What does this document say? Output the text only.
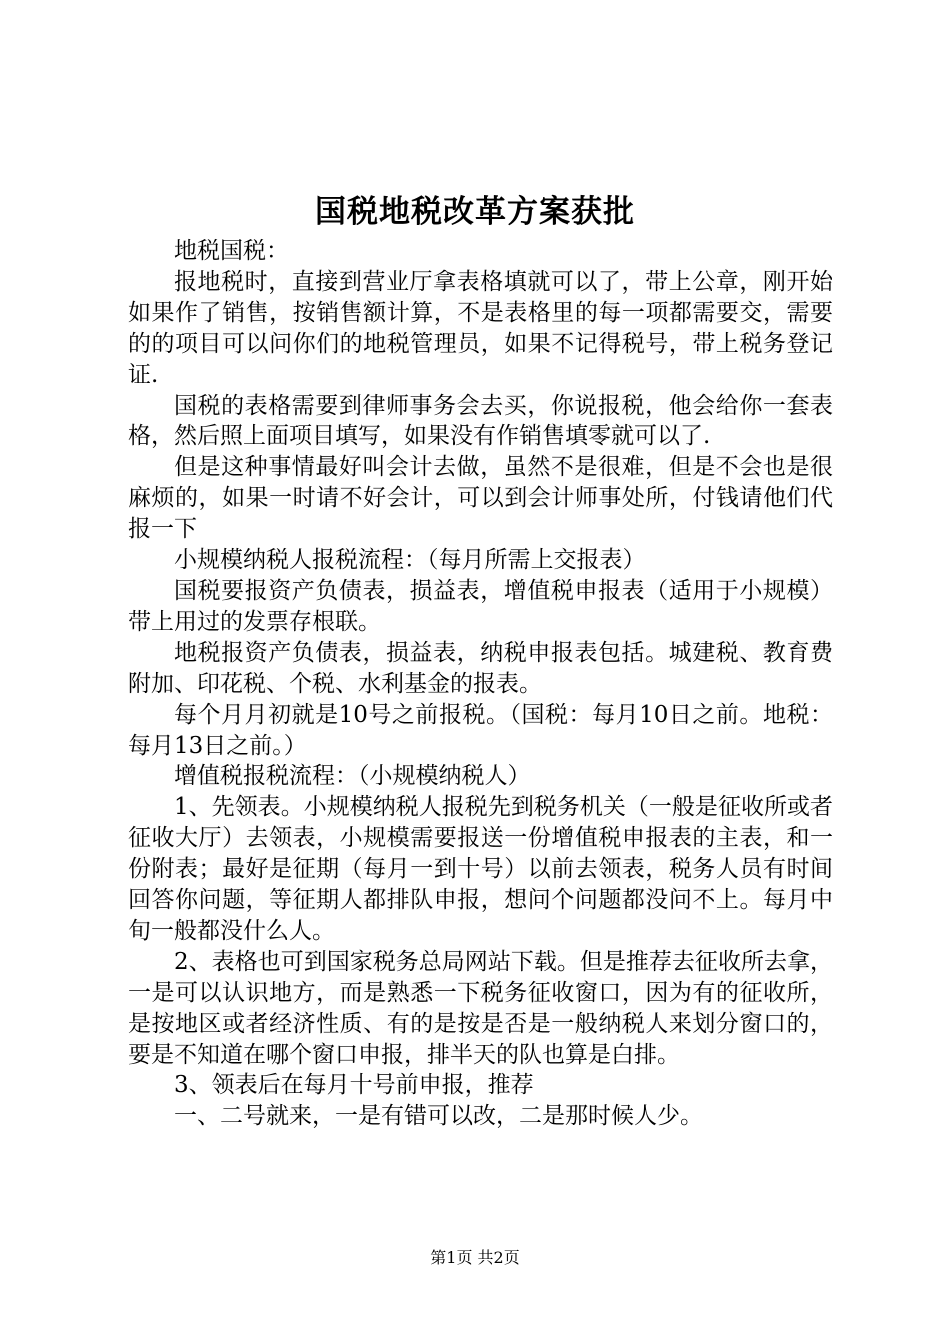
国税地税改革方案获批

地税国税：

报地税时，直接到营业厅拿表格填就可以了，带上公章，刚开始如果作了销售，按销售额计算，不是表格里的每一项都需要交，需要的的项目可以问你们的地税管理员，如果不记得税号，带上税务登记证.

国税的表格需要到律师事务会去买，你说报税，他会给你一套表格，然后照上面项目填写，如果没有作销售填零就可以了.

但是这种事情最好叫会计去做，虽然不是很难，但是不会也是很麻烦的，如果一时请不好会计，可以到会计师事处所，付钱请他们代报一下

小规模纳税人报税流程：（每月所需上交报表）

国税要报资产负债表，损益表，增值税申报表（适用于小规模）带上用过的发票存根联。

地税报资产负债表，损益表，纳税申报表包括。城建税、教育费附加、印花税、个税、水利基金的报表。

每个月月初就是10号之前报税。（国税：每月10日之前。地税：每月13日之前。）

增值税报税流程：（小规模纳税人）

1、先领表。小规模纳税人报税先到税务机关（一般是征收所或者征收大厅）去领表，小规模需要报送一份增值税申报表的主表，和一份附表；最好是征期（每月一到十号）以前去领表，税务人员有时间回答你问题，等征期人都排队申报，想问个问题都没问不上。每月中旬一般都没什么人。

2、表格也可到国家税务总局网站下载。但是推荐去征收所去拿，一是可以认识地方，而是熟悉一下税务征收窗口，因为有的征收所，是按地区或者经济性质、有的是按是否是一般纳税人来划分窗口的，要是不知道在哪个窗口申报，排半天的队也算是白排。

3、领表后在每月十号前申报，推荐

一、二号就来，一是有错可以改，二是那时候人少。

第1页 共2页
